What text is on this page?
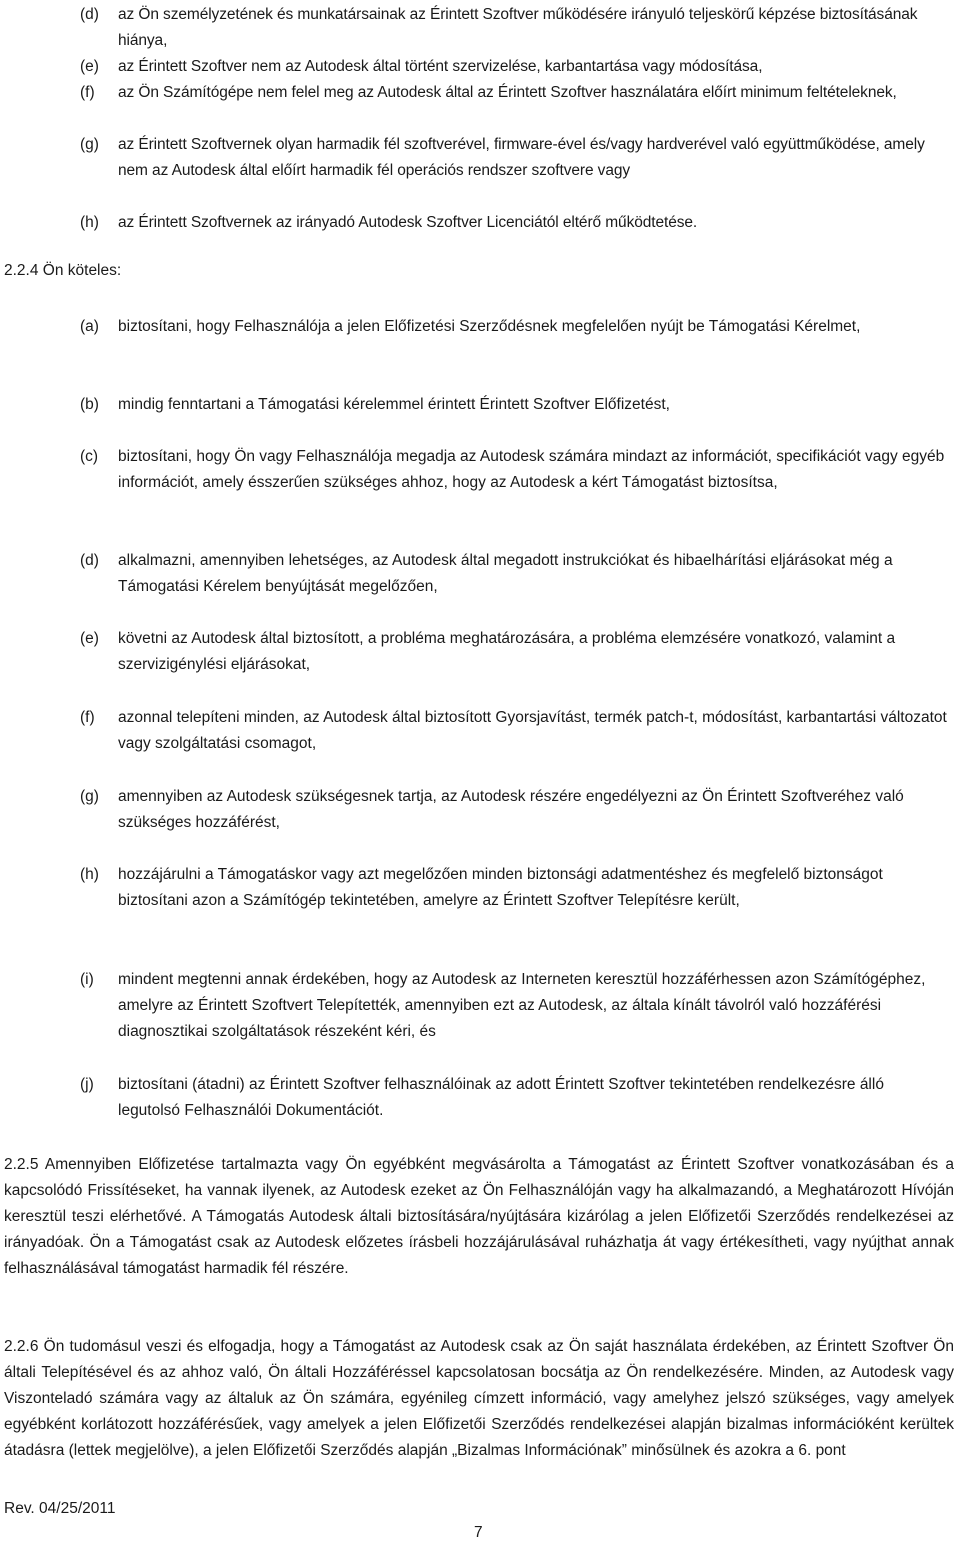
(d)	az Ön személyzetének és munkatársainak az Érintett Szoftver működésére irányuló teljeskörű képzése biztosításának hiánya,
(e)	az Érintett Szoftver nem az Autodesk által történt szervizelése, karbantartása vagy módosítása,
(f)	az Ön Számítógépe nem felel meg az Autodesk által az Érintett Szoftver használatára előírt minimum feltételeknek,
(g)	az Érintett Szoftvernek olyan harmadik fél szoftverével, firmware-ével és/vagy hardverével való együttműködése, amely nem az Autodesk által előírt harmadik fél operációs rendszer szoftvere vagy
(h)	az Érintett Szoftvernek az irányadó Autodesk Szoftver Licenciától eltérő működtetése.
2.2.4 Ön köteles:
(a)	biztosítani, hogy Felhasználója a jelen Előfizetési Szerződésnek megfelelően nyújt be Támogatási Kérelmet,
(b)	mindig fenntartani a Támogatási kérelemmel érintett Érintett Szoftver Előfizetést,
(c)	biztosítani, hogy Ön vagy Felhasználója megadja az Autodesk számára mindazt az információt, specifikációt vagy egyéb információt, amely ésszerűen szükséges ahhoz, hogy az Autodesk a kért Támogatást biztosítsa,
(d)	alkalmazni, amennyiben lehetséges, az Autodesk által megadott instrukciókat és hibaelhárítási eljárásokat még a Támogatási Kérelem benyújtását megelőzően,
(e)	követni az Autodesk által biztosított, a probléma meghatározására, a probléma elemzésére vonatkozó, valamint a szervizigénylési eljárásokat,
(f)	azonnal telepíteni minden, az Autodesk által biztosított Gyorsjavítást, termék patch-t, módosítást, karbantartási változatot vagy szolgáltatási csomagot,
(g)	amennyiben az Autodesk szükségesnek tartja, az Autodesk részére engedélyezni az Ön Érintett Szoftveréhez való szükséges hozzáférést,
(h)	hozzájárulni a Támogatáskor vagy azt megelőzően minden biztonsági adatmentéshez és megfelelő biztonságot biztosítani azon a Számítógép tekintetében, amelyre az Érintett Szoftver Telepítésre került,
(i)	mindent megtenni annak érdekében, hogy az Autodesk az Interneten keresztül hozzáférhessen azon Számítógéphez, amelyre az Érintett Szoftvert Telepítették, amennyiben ezt az Autodesk, az általa kínált távolról való hozzáférési diagnosztikai szolgáltatások részeként kéri, és
(j)	biztosítani (átadni) az Érintett Szoftver felhasználóinak az adott Érintett Szoftver tekintetében rendelkezésre álló legutolsó Felhasználói Dokumentációt.
2.2.5 Amennyiben Előfizetése tartalmazta vagy Ön egyébként megvásárolta a Támogatást az Érintett Szoftver vonatkozásában és a kapcsolódó Frissítéseket, ha vannak ilyenek, az Autodesk ezeket az Ön Felhasználóján vagy ha alkalmazandó, a Meghatározott Hívóján keresztül teszi elérhetővé. A Támogatás Autodesk általi biztosítására/nyújtására kizárólag a jelen Előfizetői Szerződés rendelkezései az irányadóak. Ön a Támogatást csak az Autodesk előzetes írásbeli hozzájárulásával ruházhatja át vagy értékesítheti, vagy nyújthat annak felhasználásával támogatást harmadik fél részére.
2.2.6 Ön tudomásul veszi és elfogadja, hogy a Támogatást az Autodesk csak az Ön saját használata érdekében, az Érintett Szoftver Ön általi Telepítésével és az ahhoz való, Ön általi Hozzáféréssel kapcsolatosan bocsátja az Ön rendelkezésére. Minden, az Autodesk vagy Viszonteladó számára vagy az általuk az Ön számára, egyénileg címzett információ, vagy amelyhez jelszó szükséges, vagy amelyek egyébként korlátozott hozzáférésűek, vagy amelyek a jelen Előfizetői Szerződés rendelkezései alapján bizalmas információként kerültek átadásra (lettek megjelölve), a jelen Előfizetői Szerződés alapján „Bizalmas Információnak” minősülnek és azokra a 6. pont
Rev. 04/25/2011
7
